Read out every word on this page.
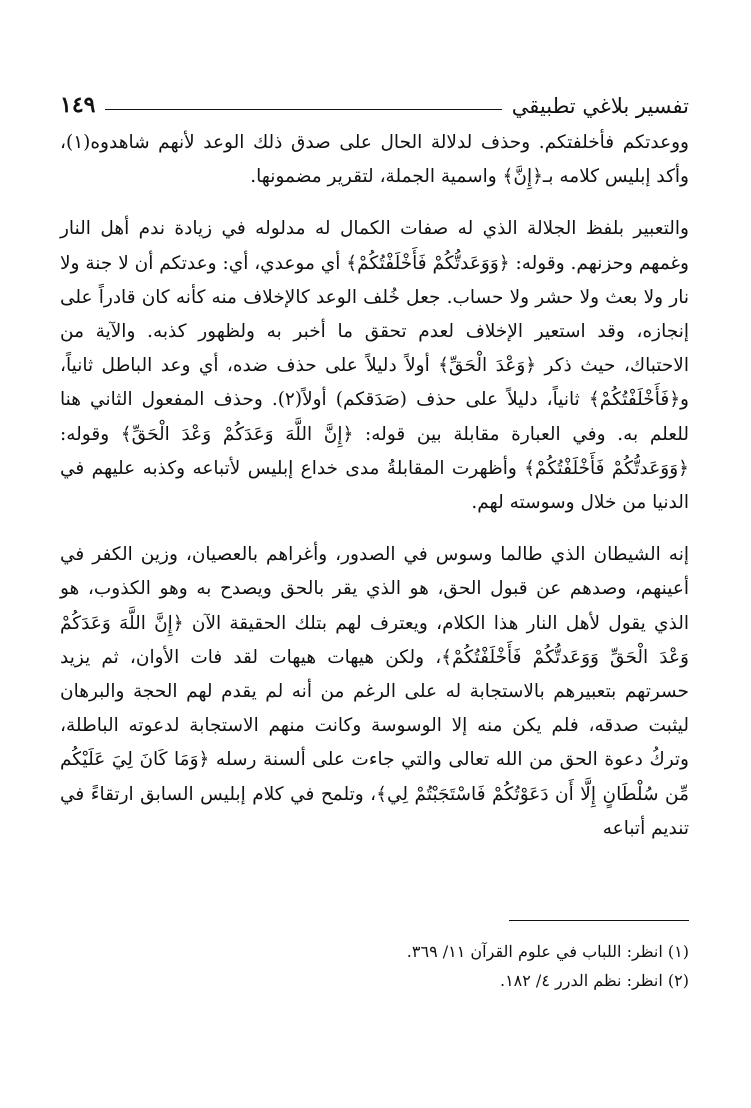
تفسير بلاغي تطبيقي
١٤٩

ووعدتكم فأخلفتكم. وحذف لدلالة الحال على صدق ذلك الوعد لأنهم شاهدوه(١)، وأكد إبليس كلامه بـ﴿إِنَّ﴾ واسمية الجملة، لتقرير مضمونها.

والتعبير بلفظ الجلالة الذي له صفات الكمال له مدلوله في زيادة ندم أهل النار وغمهم وحزنهم. وقوله: ﴿وَوَعَدتُّكُمْ فَأَخْلَفْتُكُمْ﴾ أي موعدي، أي: وعدتكم أن لا جنة ولا نار ولا بعث ولا حشر ولا حساب. جعل خُلف الوعد كالإخلاف منه كأنه كان قادراً على إنجازه، وقد استعير الإخلاف لعدم تحقق ما أخبر به ولظهور كذبه. والآية من الاحتباك، حيث ذكر ﴿وَعْدَ الْحَقِّ﴾ أولاً دليلاً على حذف ضده، أي وعد الباطل ثانياً، و﴿فَأَخْلَفْتُكُمْ﴾ ثانياً، دليلاً على حذف (صَدَقكم) أولاً(٢). وحذف المفعول الثاني هنا للعلم به. وفي العبارة مقابلة بين قوله: ﴿إِنَّ اللَّهَ وَعَدَكُمْ وَعْدَ الْحَقِّ﴾ وقوله: ﴿وَوَعَدتُّكُمْ فَأَخْلَفْتُكُمْ﴾ وأظهرت المقابلةُ مدى خداع إبليس لأتباعه وكذبه عليهم في الدنيا من خلال وسوسته لهم.

إنه الشيطان الذي طالما وسوس في الصدور، وأغراهم بالعصيان، وزين الكفر في أعينهم، وصدهم عن قبول الحق، هو الذي يقر بالحق ويصدح به وهو الكذوب، هو الذي يقول لأهل النار هذا الكلام، ويعترف لهم بتلك الحقيقة الآن ﴿إِنَّ اللَّهَ وَعَدَكُمْ وَعْدَ الْحَقِّ وَوَعَدتُّكُمْ فَأَخْلَفْتُكُمْ﴾، ولكن هيهات هيهات لقد فات الأوان، ثم يزيد حسرتهم بتعبيرهم بالاستجابة له على الرغم من أنه لم يقدم لهم الحجة والبرهان ليثبت صدقه، فلم يكن منه إلا الوسوسة وكانت منهم الاستجابة لدعوته الباطلة، وتركُ دعوة الحق من الله تعالى والتي جاءت على ألسنة رسله ﴿وَمَا كَانَ لِيَ عَلَيْكُم مِّن سُلْطَانٍ إِلَّا أَن دَعَوْتُكُمْ فَاسْتَجَبْتُمْ لِي﴾، وتلمح في كلام إبليس السابق ارتقاءً في تنديم أتباعه

(١) انظر: اللباب في علوم القرآن ١١/ ٣٦٩.
(٢) انظر: نظم الدرر ٤/ ١٨٢.
